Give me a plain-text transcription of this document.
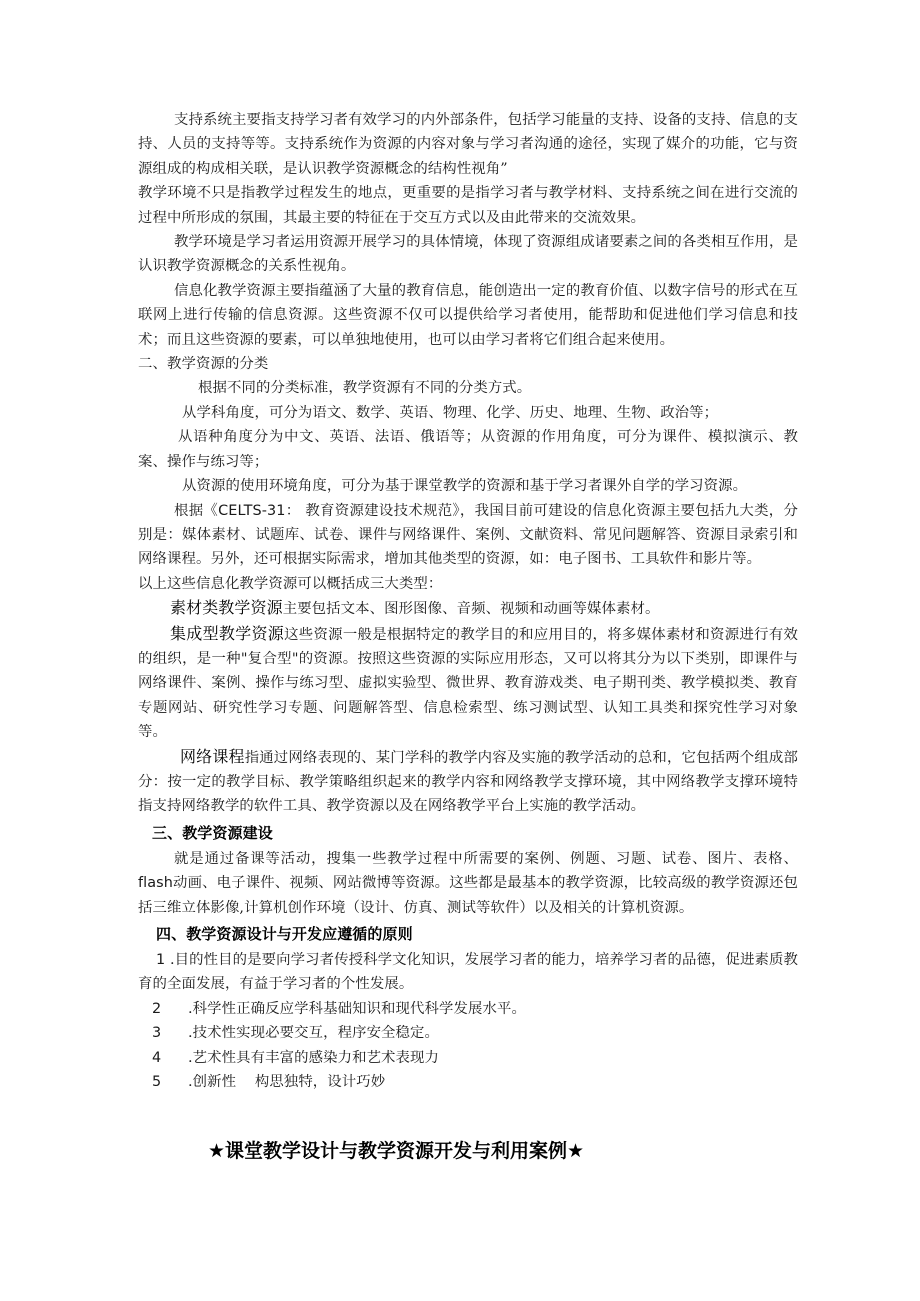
支持系统主要指支持学习者有效学习的内外部条件，包括学习能量的支持、设备的支持、信息的支持、人员的支持等等。支持系统作为资源的内容对象与学习者沟通的途径，实现了媒介的功能，它与资源组成的构成相关联，是认识教学资源概念的结构性视角”

教学环境不只是指教学过程发生的地点，更重要的是指学习者与教学材料、支持系统之间在进行交流的过程中所形成的氛围，其最主要的特征在于交互方式以及由此带来的交流效果。

教学环境是学习者运用资源开展学习的具体情境，体现了资源组成诸要素之间的各类相互作用，是认识教学资源概念的关系性视角。

信息化教学资源主要指蕴涵了大量的教育信息，能创造出一定的教育价值、以数字信号的形式在互联网上进行传输的信息资源。这些资源不仅可以提供给学习者使用，能帮助和促进他们学习信息和技术；而且这些资源的要素，可以单独地使用，也可以由学习者将它们组合起来使用。

二、教学资源的分类

根据不同的分类标准，教学资源有不同的分类方式。

从学科角度，可分为语文、数学、英语、物理、化学、历史、地理、生物、政治等；

从语种角度分为中文、英语、法语、俄语等；从资源的作用角度，可分为课件、模拟演示、教案、操作与练习等；

从资源的使用环境角度，可分为基于课堂教学的资源和基于学习者课外自学的学习资源。

根据《CELTS-31： 教育资源建设技术规范》，我国目前可建设的信息化资源主要包括九大类，分别是：媒体素材、试题库、试卷、课件与网络课件、案例、文献资料、常见问题解答、资源目录索引和网络课程。另外，还可根据实际需求，增加其他类型的资源，如：电子图书、工具软件和影片等。

以上这些信息化教学资源可以概括成三大类型：

素材类教学资源主要包括文本、图形图像、音频、视频和动画等媒体素材。

集成型教学资源这些资源一般是根据特定的教学目的和应用目的，将多媒体素材和资源进行有效的组织，是一种"复合型"的资源。按照这些资源的实际应用形态，又可以将其分为以下类别，即课件与网络课件、案例、操作与练习型、虚拟实验型、微世界、教育游戏类、电子期刊类、教学模拟类、教育专题网站、研究性学习专题、问题解答型、信息检索型、练习测试型、认知工具类和探究性学习对象等。

网络课程指通过网络表现的、某门学科的教学内容及实施的教学活动的总和，它包括两个组成部分：按一定的教学目标、教学策略组织起来的教学内容和网络教学支撑环境，其中网络教学支撑环境特指支持网络教学的软件工具、教学资源以及在网络教学平台上实施的教学活动。

三、教学资源建设

就是通过备课等活动，搜集一些教学过程中所需要的案例、例题、习题、试卷、图片、表格、flash动画、电子课件、视频、网站微博等资源。这些都是最基本的教学资源，比较高级的教学资源还包括三维立体影像,计算机创作环境（设计、仿真、测试等软件）以及相关的计算机资源。

四、教学资源设计与开发应遵循的原则

1 .目的性目的是要向学习者传授科学文化知识，发展学习者的能力，培养学习者的品德，促进素质教育的全面发展，有益于学习者的个性发展。

2	.科学性正确反应学科基础知识和现代科学发展水平。

3	.技术性实现必要交互，程序安全稳定。

4	.艺术性具有丰富的感染力和艺术表现力

5	.创新性    构思独特，设计巧妙

★课堂教学设计与教学资源开发与利用案例★
